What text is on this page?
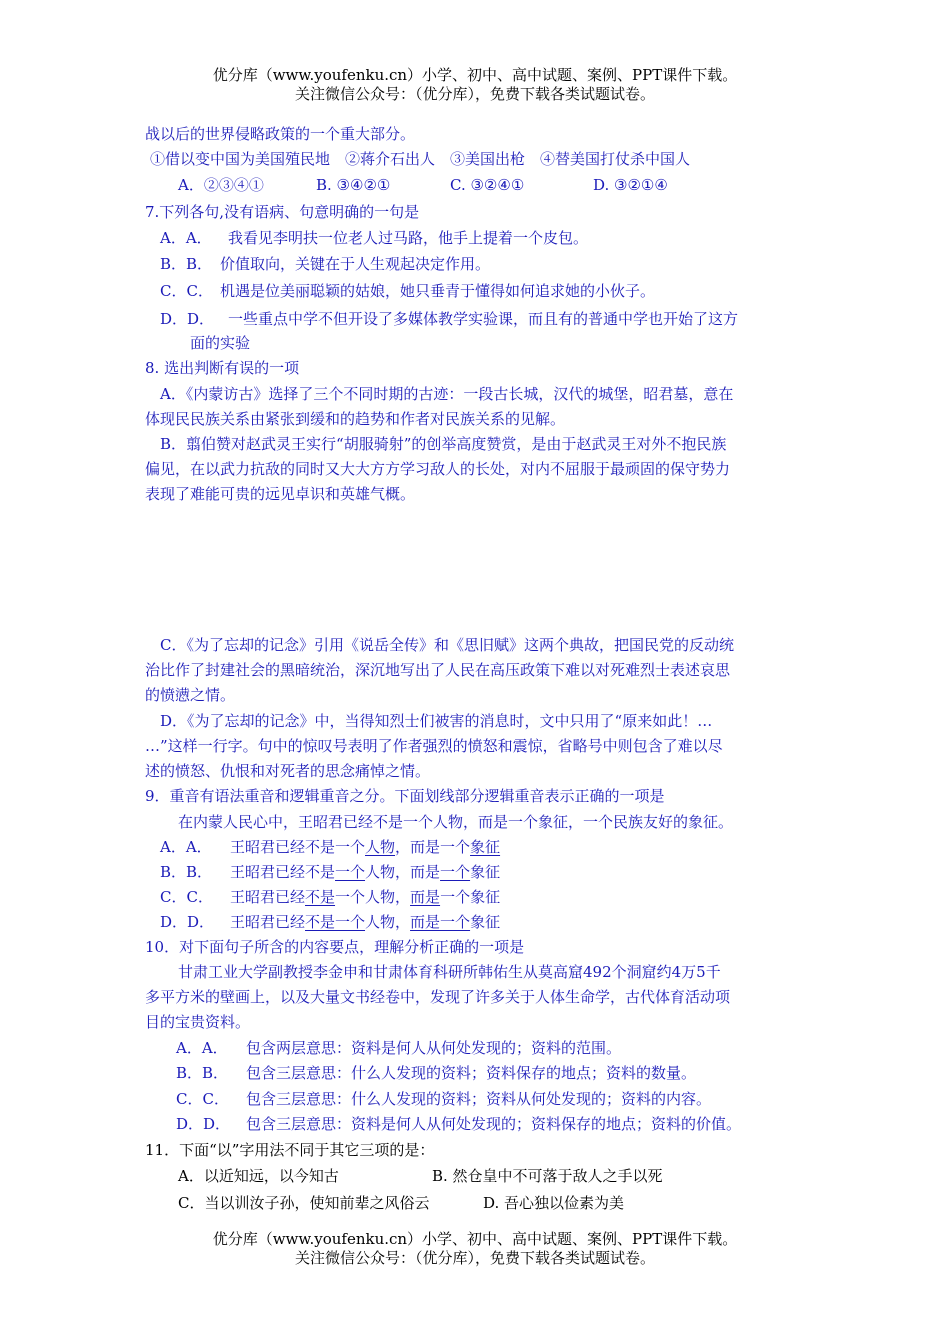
优分库（www.youfenku.cn）小学、初中、高中试题、案例、PPT课件下载。
关注微信公众号：（优分库），免费下载各类试题试卷。
战以后的世界侵略政策的一个重大部分。
①借以变中国为美国殖民地　②蒋介石出人　③美国出枪　④替美国打仗杀中国人
A．②③④①	B. ③④②①	C. ③②④①	D. ③②①④
7.下列各句,没有语病、句意明确的一句是
A．A． 我看见李明扶一位老人过马路，他手上提着一个皮包。
B．B． 价值取向，关键在于人生观起决定作用。
C．C． 机遇是位美丽聪颖的姑娘，她只垂青于懂得如何追求她的小伙子。
D．D． 一些重点中学不但开设了多媒体教学实验课，而且有的普通中学也开始了这方
面的实验
8. 选出判断有误的一项
A．《内蒙访古》选择了三个不同时期的古迹：一段古长城，汉代的城堡，昭君墓，意在
体现民民族关系由紧张到缓和的趋势和作者对民族关系的见解。
B．翦伯赞对赵武灵王实行“胡服骑射”的创举高度赞赏，是由于赵武灵王对外不抱民族
偏见，在以武力抗敌的同时又大大方方学习敌人的长处，对内不屈服于最顽固的保守势力
表现了难能可贵的远见卓识和英雄气概。
C．《为了忘却的记念》引用《说岳全传》和《思旧赋》这两个典故，把国民党的反动统
治比作了封建社会的黑暗统治，深沉地写出了人民在高压政策下难以对死难烈士表述哀思
的愤懑之情。
D．《为了忘却的记念》中，当得知烈士们被害的消息时，文中只用了“原来如此！…
…”这样一行字。句中的惊叹号表明了作者强烈的愤怒和震惊，省略号中则包含了难以尽
述的愤怒、仇恨和对死者的思念痛悼之情。
9．重音有语法重音和逻辑重音之分。下面划线部分逻辑重音表示正确的一项是
在内蒙人民心中，王昭君已经不是一个人物，而是一个象征，一个民族友好的象征。
A．A． 王昭君已经不是一个人物，而是一个象征
B．B． 王昭君已经不是一个人物，而是一个象征
C．C． 王昭君已经不是一个人物，而是一个象征
D．D． 王昭君已经不是一个人物，而是一个象征
10．对下面句子所含的内容要点，理解分析正确的一项是
甘肃工业大学副教授李金申和甘肃体育科研所韩佑生从莫高窟492个洞窟约4万5千
多平方米的壁画上，以及大量文书经卷中，发现了许多关于人体生命学，古代体育活动项
目的宝贵资料。
A．A． 包含两层意思：资料是何人从何处发现的；资料的范围。
B．B． 包含三层意思：什么人发现的资料；资料保存的地点；资料的数量。
C．C． 包含三层意思：什么人发现的资料；资料从何处发现的；资料的内容。
D．D． 包含三层意思：资料是何人从何处发现的；资料保存的地点；资料的价值。
11．下面“以”字用法不同于其它三项的是：
A．以近知远，以今知古	B. 然仓皇中不可落于敌人之手以死
C．当以训汝子孙，使知前辈之风俗云	D. 吾心独以俭素为美
优分库（www.youfenku.cn）小学、初中、高中试题、案例、PPT课件下载。
关注微信公众号：（优分库），免费下载各类试题试卷。
